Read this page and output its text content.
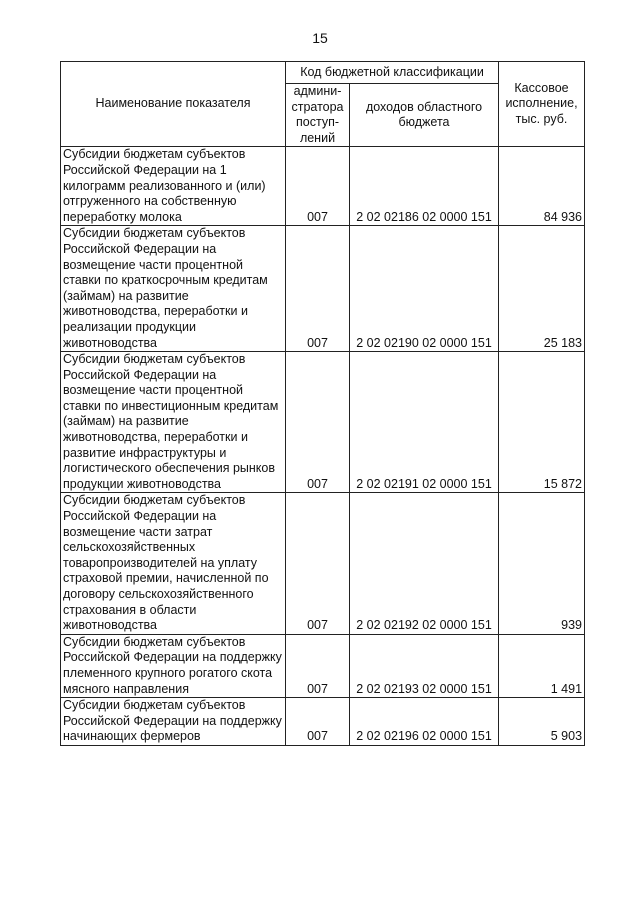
15
Наименование показателя	Код бюджетной классификации		Кассовое исполнение, тыс. руб.
	админи-стратора поступ-лений	доходов областного бюджета	
Субсидии бюджетам субъектов Российской Федерации на 1 килограмм реализованного и (или) отгруженного на собственную переработку молока	007	2 02 02186 02 0000 151	84 936
Субсидии бюджетам субъектов Российской Федерации на возмещение части процентной ставки по краткосрочным кредитам (займам) на развитие животноводства, переработки и реализации продукции животноводства	007	2 02 02190 02 0000 151	25 183
Субсидии бюджетам субъектов Российской Федерации на возмещение части процентной ставки по инвестиционным кредитам (займам) на развитие животноводства, переработки и развитие инфраструктуры и логистического обеспечения рынков продукции животноводства	007	2 02 02191 02 0000 151	15 872
Субсидии бюджетам субъектов Российской Федерации на возмещение части затрат сельскохозяйственных товаропроизводителей на уплату страховой премии, начисленной по договору сельскохозяйственного страхования в области животноводства	007	2 02 02192 02 0000 151	939
Субсидии бюджетам субъектов Российской Федерации на поддержку племенного крупного рогатого скота мясного направления	007	2 02 02193 02 0000 151	1 491
Субсидии бюджетам субъектов Российской Федерации на поддержку начинающих фермеров	007	2 02 02196 02 0000 151	5 903
